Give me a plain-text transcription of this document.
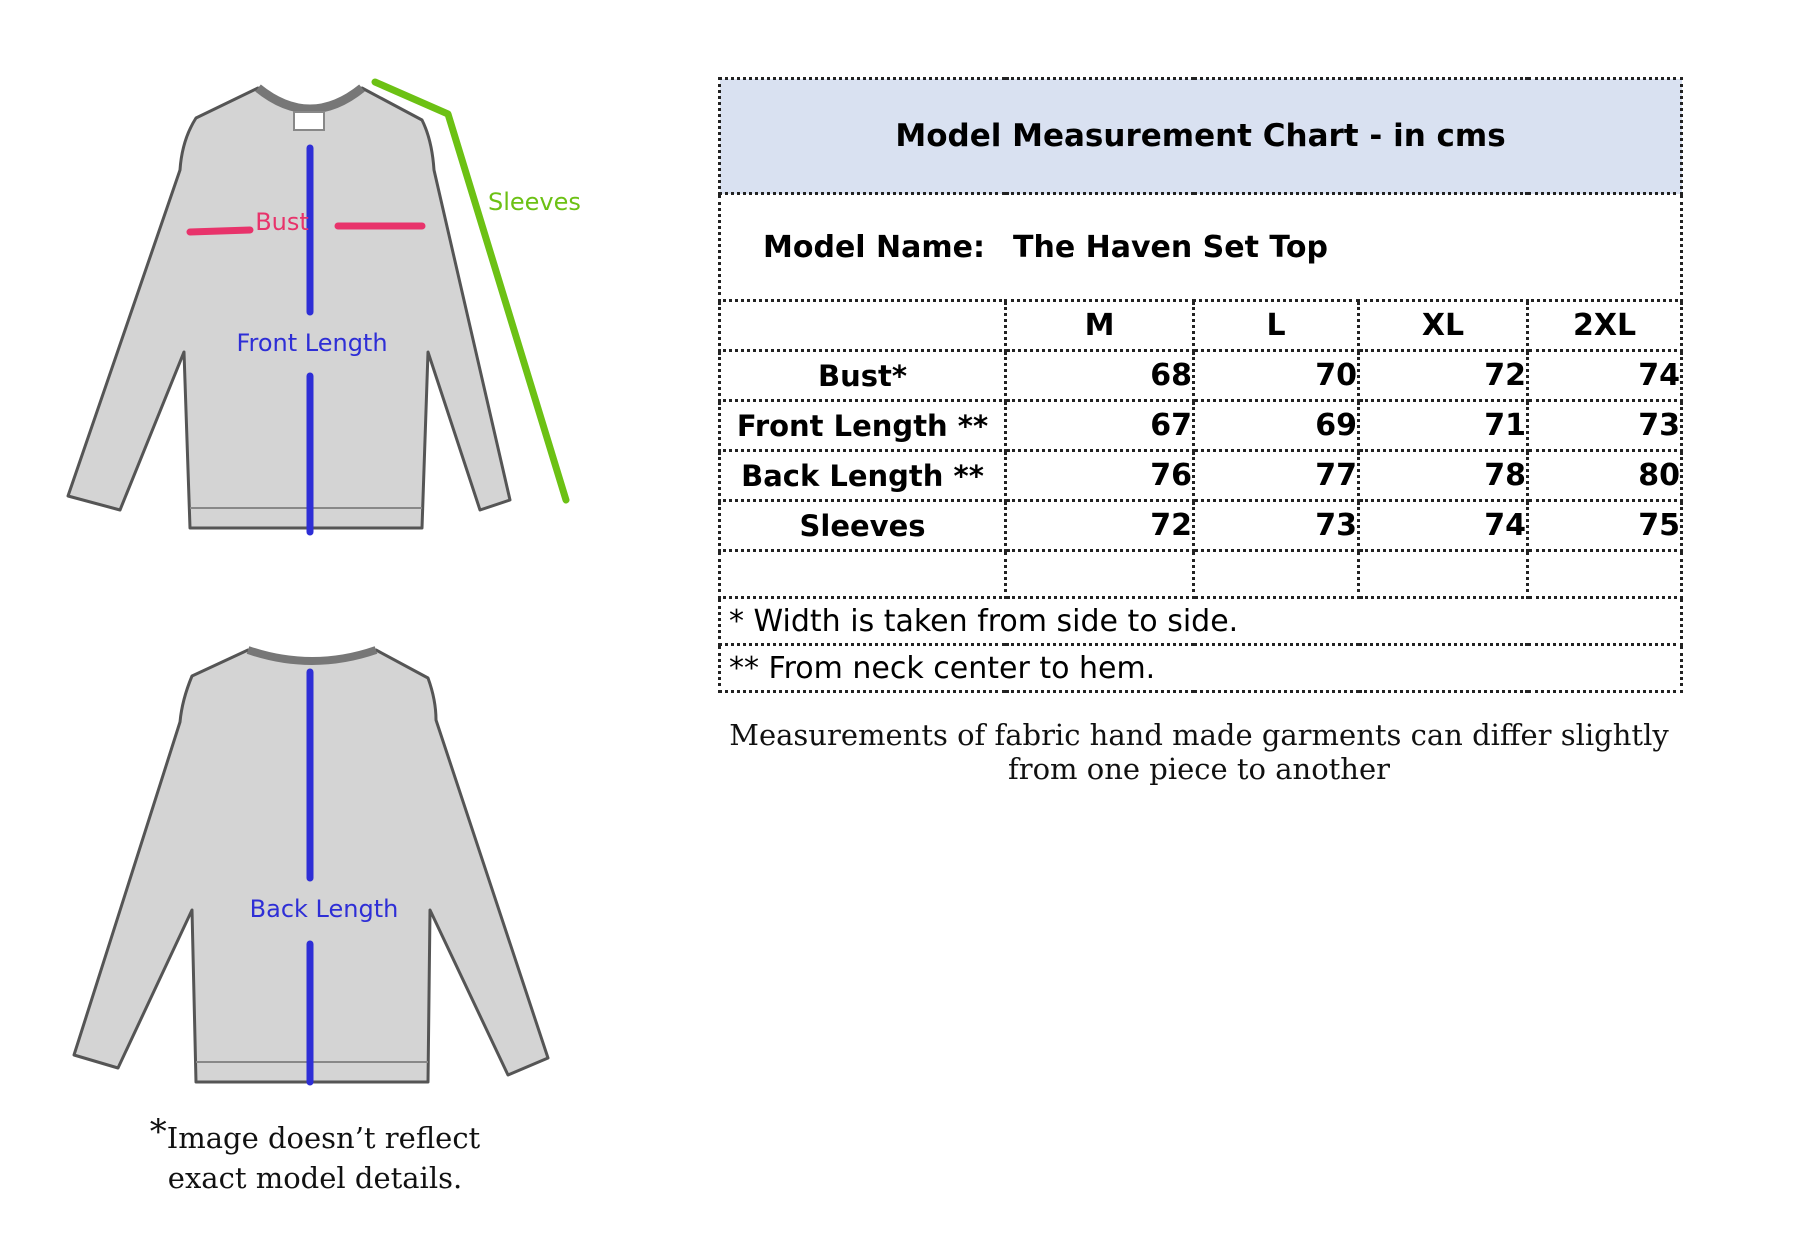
Bust
Front Length
Sleeves
Back Length
*Image doesn’t reflect
exact model details.
Model Measurement Chart - in cms				
Model Name: The Haven Set Top				
	M	L	XL	2XL
Bust*	68	70	72	74
Front Length **	67	69	71	73
Back Length **	76	77	78	80
Sleeves	72	73	74	75

* Width is taken from side to side.				
** From neck center to hem.				
Measurements of fabric hand made garments can differ slightly
from one piece to another
